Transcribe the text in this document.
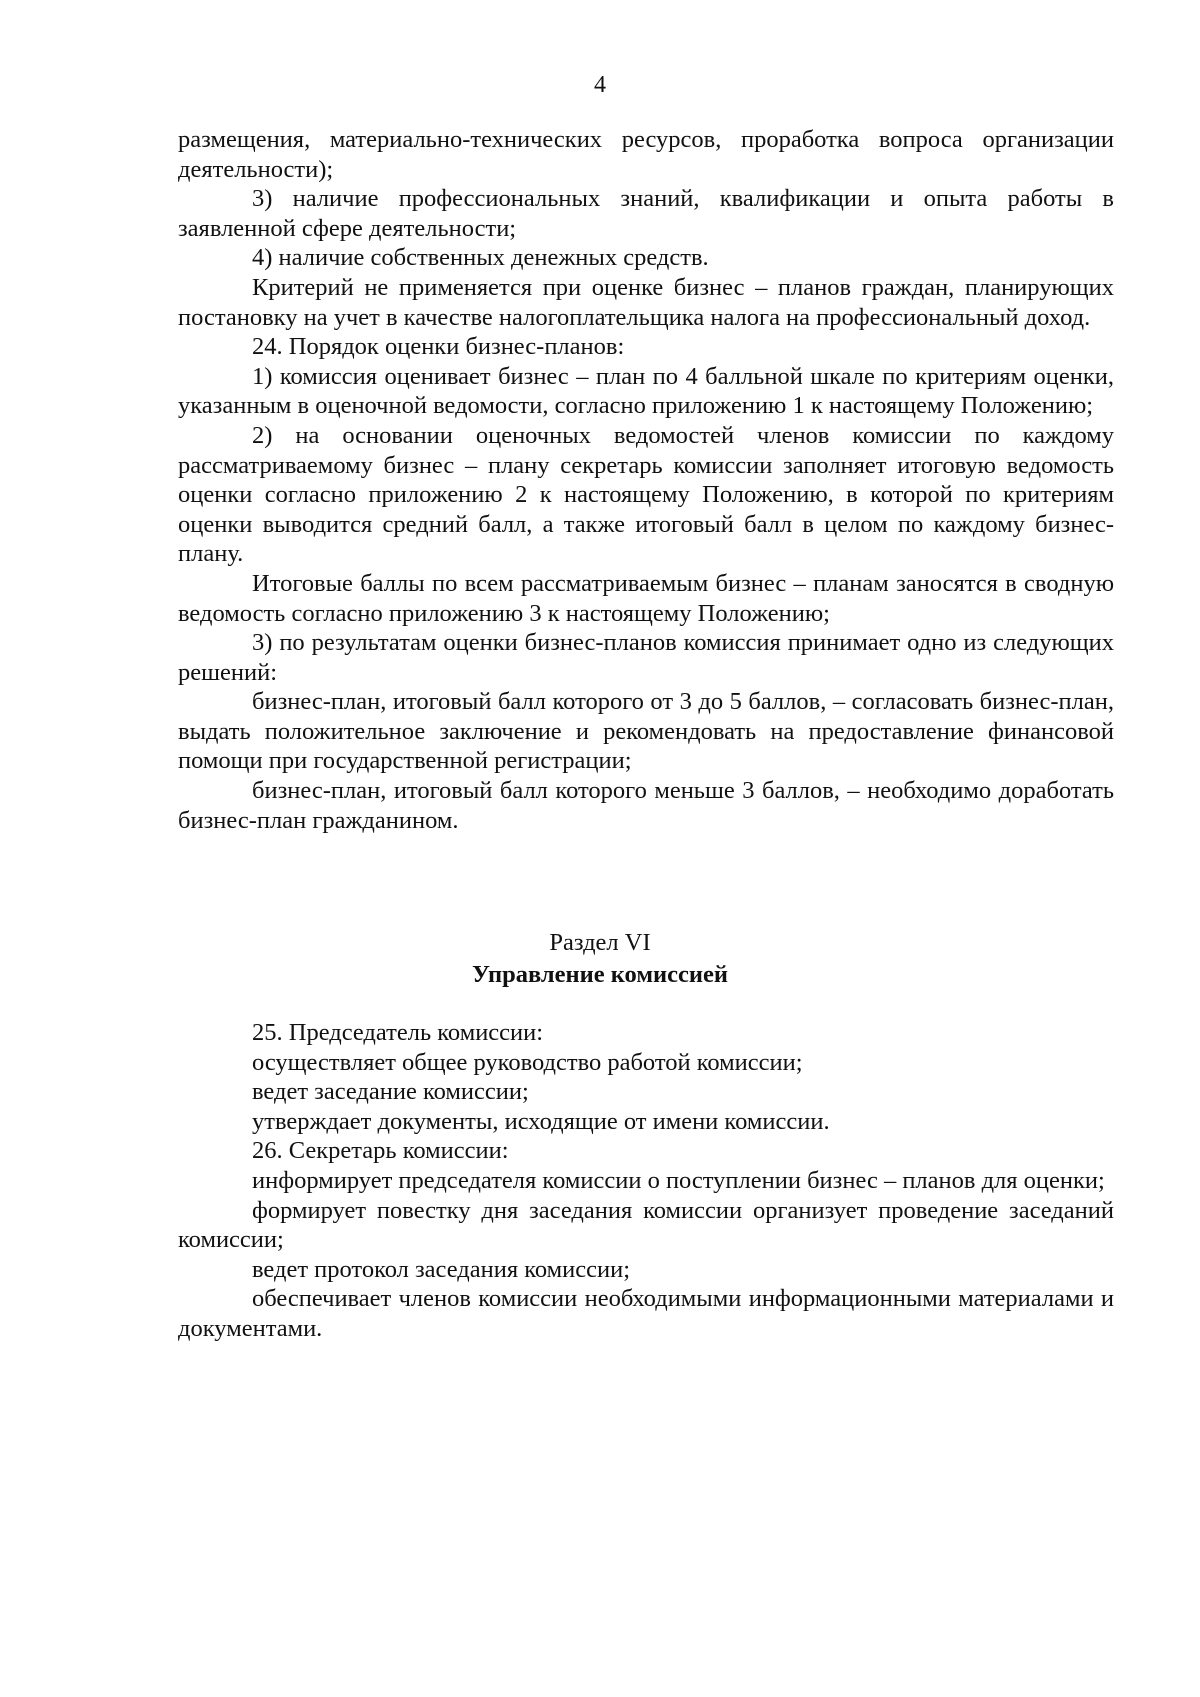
4

размещения, материально-технических ресурсов, проработка вопроса организации деятельности);

3) наличие профессиональных знаний, квалификации и опыта работы в заявленной сфере деятельности;

4) наличие собственных денежных средств.

Критерий не применяется при оценке бизнес – планов граждан, планирующих постановку на учет в качестве налогоплательщика налога на профессиональный доход.

24. Порядок оценки бизнес-планов:

1) комиссия оценивает бизнес – план по 4 балльной шкале по критериям оценки, указанным в оценочной ведомости, согласно приложению 1 к настоящему Положению;

2) на основании оценочных ведомостей членов комиссии по каждому рассматриваемому бизнес – плану секретарь комиссии заполняет итоговую ведомость оценки согласно приложению 2 к настоящему Положению, в которой по критериям оценки выводится средний балл, а также итоговый балл в целом по каждому бизнес-плану.

Итоговые баллы по всем рассматриваемым бизнес – планам заносятся в сводную ведомость согласно приложению 3 к настоящему Положению;

3) по результатам оценки бизнес-планов комиссия принимает одно из следующих решений:

бизнес-план, итоговый балл которого от 3 до 5 баллов, – согласовать бизнес-план, выдать положительное заключение и рекомендовать на предоставление финансовой помощи при государственной регистрации;

бизнес-план, итоговый балл которого меньше 3 баллов, – необходимо доработать бизнес-план гражданином.

Раздел VI
Управление комиссией

25. Председатель комиссии:

осуществляет общее руководство работой комиссии;

ведет заседание комиссии;

утверждает документы, исходящие от имени комиссии.

26. Секретарь комиссии:

информирует председателя комиссии о поступлении бизнес – планов для оценки;

формирует повестку дня заседания комиссии организует проведение заседаний комиссии;

ведет протокол заседания комиссии;

обеспечивает членов комиссии необходимыми информационными материалами и документами.
